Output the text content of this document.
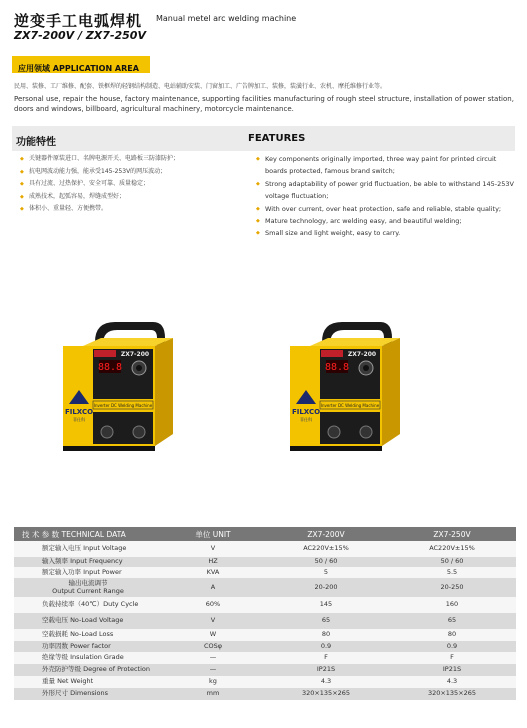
逆变手工电弧焊机 Manual metel arc welding machine
ZX7-200V / ZX7-250V
应用领域 APPLICATION AREA
民用、装修、工厂维修、配套、铁框焊的轻钢结构制造、电站辅助安装、门窗加工、广告牌加工、装修，装潢行业、农机、摩托维修行业等。
Personal use, repair the house, factory maintenance, supporting facilities manufacturing of rough steel structure, installation of power station, doors and windows, billboard, agricultural machinery, motorcycle maintenance.
功能特性	FEATURES
◆ 关键器件原装进口、名牌电源开关、电路板三防漆防护；
◆ 抗电网波动能力强，能承受145-253V的网压波动；
◆ 具有过流、过热保护、安全可靠、质量稳定；
◆ 成熟技术，起弧容易，焊缝成型好；
◆ 体积小、重量轻、方便携带。
◆ Key components originally imported, three way paint for printed circuit boards protected, famous brand switch;
◆ Strong adaptability of power grid fluctuation, be able to withstand 145-253V voltage fluctuation;
◆ With over current, over heat protection, safe and reliable, stable quality;
◆ Mature technology, arc welding easy, and beautiful welding;
◆ Small size and light weight, easy to carry.
88.8
ZX7-200
Inverter DC Welding Machine
FILXCO
菲仕科
88.8
ZX7-200
Inverter DC Welding Machine
FILXCO
菲仕科
技 术 参 数 TECHNICAL DATA	单位 UNIT	ZX7-200V	ZX7-250V
额定输入电压 Input Voltage	V	AC220V±15%	AC220V±15%
输入频率 Input Frequency	HZ	50 / 60	50 / 60
额定输入功率 Input Power	KVA	5	5.5
输出电流调节
Output Current Range	A	20-200	20-250
负载持续率（40℃）Duty Cycle	60%	145	160
空载电压 No-Load Voltage	V	65	65
空载损耗 No-Load Loss	W	80	80
功率因数 Power factor	COSφ	0.9	0.9
绝缘等级 Insulation Grade	—	F	F
外壳防护等级 Degree of Protection	—	IP21S	IP21S
重量 Net Weight	kg	4.3	4.3
外形尺寸 Dimensions	mm	320×135×265	320×135×265
